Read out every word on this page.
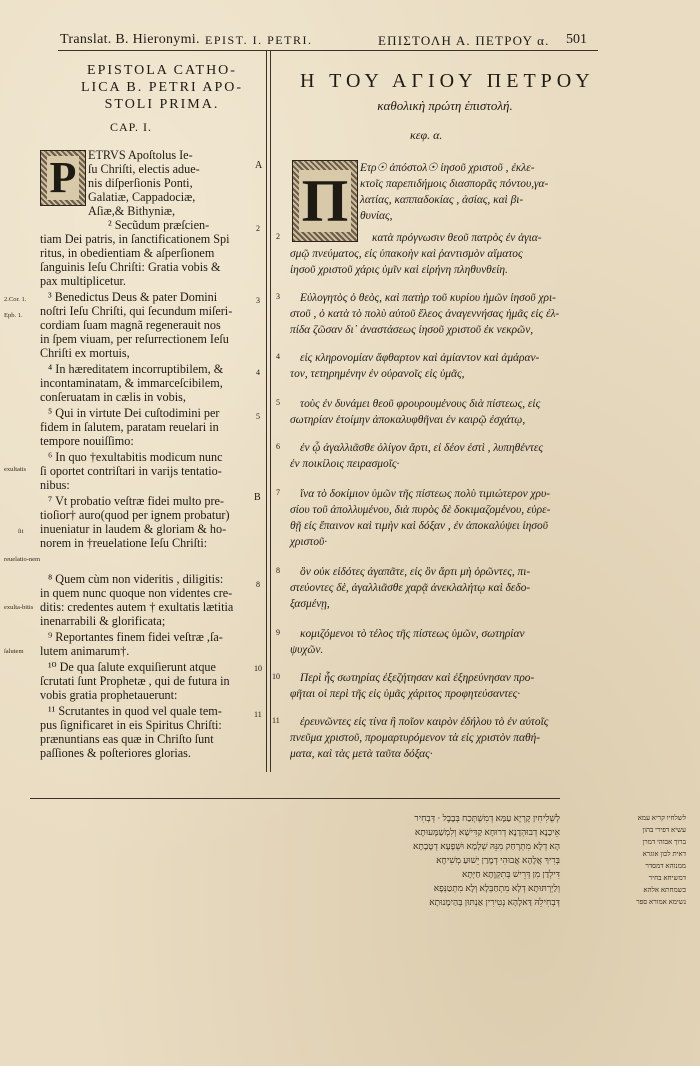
Translat. B. Hieronymi. EPIST. I. PETRI.	ΕΠΙΣΤΟΛΗ Α. ΠΕΤΡΟΥ α. 501
EPISTOLA CATHO-
LICA B. PETRI APO-
STOLI PRIMA.
CAP. I.
Η ΤΟΥ ΑΓΙΟΥ ΠΕΤΡΟΥ
καθολικὴ πρώτη ἐπιστολή.
κεφ. α.
P	Π
ETRVS Apoſtolus Ie-
ſu Chriſti, electis adue-
nis diſperſionis Ponti,
Galatiæ, Cappadociæ,
Aſiæ,& Bithyniæ,
² Secũdum præſcien-
tiam Dei patris, in ſanctificationem Spi
ritus, in obedientiam & aſperſionem
ſanguinis Ieſu Chriſti: Gratia vobis &
pax multiplicetur.
³ Benedictus Deus & pater Domini
noſtri Ieſu Chriſti, qui ſecundum miſeri-
cordiam ſuam magnã regenerauit nos
in ſpem viuam, per reſurrectionem Ieſu
Chriſti ex mortuis,
⁴ In hæreditatem incorruptibilem, &
incontaminatam, & immarceſcibilem,
conſeruatam in cælis in vobis,
⁵ Qui in virtute Dei cuſtodimini per
fidem in ſalutem, paratam reuelari in
tempore nouiſſimo:
⁶ In quo †exultabitis modicum nunc
ſi oportet contriſtari in varijs tentatio-
nibus:
⁷ Vt probatio veſtræ fidei multo pre-
tioſior† auro(quod per ignem probatur)
inueniatur in laudem & gloriam & ho-
norem in †reuelatione Ieſu Chriſti:
⁸ Quem cùm non videritis , diligitis:
in quem nunc quoque non videntes cre-
ditis: credentes autem † exultatis lætitia
inenarrabili & glorificata;
⁹ Reportantes finem fidei veſtræ ,ſa-
lutem animarum†.
¹⁰ De qua ſalute exquiſierunt atque
ſcrutati ſunt Prophetæ , qui de futura in
vobis gratia prophetauerunt:
¹¹ Scrutantes in quod vel quale tem-
pus ſignificaret in eis Spiritus Chriſti:
prænuntians eas quæ in Chriſto ſunt
paſſiones & poſteriores glorias.
A
2
3
4
5
B
8
10
11
2.Cor. 1.
Epb. 1.
exultatis
ſit
reuelatio-nem
exulta-bitis
ſalutem
Ετρ☉ ἀπόστολ☉ ἰησοῦ χριστοῦ , ἐκλε-
κτοῖς παρεπιδήμοις διασπορᾶς πόντου,γα-
λατίας, καππαδοκίας , ἀσίας, καὶ βι-
θυνίας,
κατὰ πρόγνωσιν θεοῦ πατρὸς ἐν ἁγια-
σμῷ πνεύματος, εἰς ὑπακοὴν καὶ ῥαντισμὸν αἵματος
ἰησοῦ χριστοῦ χάρις ὑμῖν καὶ εἰρήνη πληθυνθείη.
Εὐλογητὸς ὁ θεὸς, καὶ πατὴρ τοῦ κυρίου ἡμῶν ἰησοῦ χρι-
στοῦ , ὁ κατὰ τὸ πολὺ αὐτοῦ ἔλεος ἀναγεννήσας ἡμᾶς εἰς ἐλ-
πίδα ζῶσαν δι᾽ ἀναστάσεως ἰησοῦ χριστοῦ ἐκ νεκρῶν,
εἰς κληρονομίαν ἄφθαρτον καὶ ἀμίαντον καὶ ἀμάραν-
τον, τετηρημένην ἐν οὐρανοῖς εἰς ὑμᾶς,
τοὺς ἐν δυνάμει θεοῦ φρουρουμένους διὰ πίστεως, εἰς
σωτηρίαν ἑτοίμην ἀποκαλυφθῆναι ἐν καιρῷ ἐσχάτῳ,
ἐν ᾧ ἀγαλλιᾶσθε ὀλίγον ἄρτι, εἰ δέον ἐστὶ , λυπηθέντες
ἐν ποικίλοις πειρασμοῖς·
ἵνα τὸ δοκίμιον ὑμῶν τῆς πίστεως πολὺ τιμιώτερον χρυ-
σίου τοῦ ἀπολλυμένου, διὰ πυρὸς δὲ δοκιμαζομένου, εὑρε-
θῇ εἰς ἔπαινον καὶ τιμὴν καὶ δόξαν , ἐν ἀποκαλύψει ἰησοῦ
χριστοῦ·
ὃν οὐκ εἰδότες ἀγαπᾶτε, εἰς ὃν ἄρτι μὴ ὁρῶντες, πι-
στεύοντες δὲ, ἀγαλλιᾶσθε χαρᾷ ἀνεκλαλήτῳ καὶ δεδο-
ξασμένῃ,
κομιζόμενοι τὸ τέλος τῆς πίστεως ὑμῶν, σωτηρίαν
ψυχῶν.
Περὶ ἧς σωτηρίας ἐξεζήτησαν καὶ ἐξηρεύνησαν προ-
φῆται οἱ περὶ τῆς εἰς ὑμᾶς χάριτος προφητεύσαντες·
ἐρευνῶντες εἰς τίνα ἢ ποῖον καιρὸν ἐδήλου τὸ ἐν αὐτοῖς
πνεῦμα χριστοῦ, προμαρτυρόμενον τὰ εἰς χριστὸν παθή-
ματα, καὶ τὰς μετὰ ταῦτα δόξας·
2
3
4
5
6
7
8
9
10
11
לְשְׁלִיחִין קָרְיָא עַמָּא דְמִשְׁתְּכַח בְּבָבֶל · דְּבְחִיר
אֵיכַנָא דְבוּהְדָנָא דְרוּחָא קַדִּישָׁא וְלִמְשַׁמָּעוּתָא
הָא דְלָא מִתְרְחַק מִנֵּהּ שְׁלָמָא וּשְׁפָעָא דְטָבָתָא
בְּרִיךְ אֲלָהָא אֲבוּהִי דְמָרַן יֵשׁוּעַ מְשִׁיחָא
דִּילְדַן מִן דְּרֵישׁ בְּתִקְוָתָא חַיְּתָא
וְלַיְרְתּוּתָא דְלָא מִתְחַבְּלָא וְלָא מִתְטַנְּפָא
דְּבְחִילֵהּ דַּאלָהָא נְטִירִין אַנְתּוּן בְּהַימָנוּתָא
לשלחיו קריא עמא
עשיא דפירי בהון
ברוך אבוהי דמרן
דאית לכון אוגרא
ממנוהא דמסדר
דמשיחא בחיר
כשמחתא אלהא
נשימא אמורא ספר
